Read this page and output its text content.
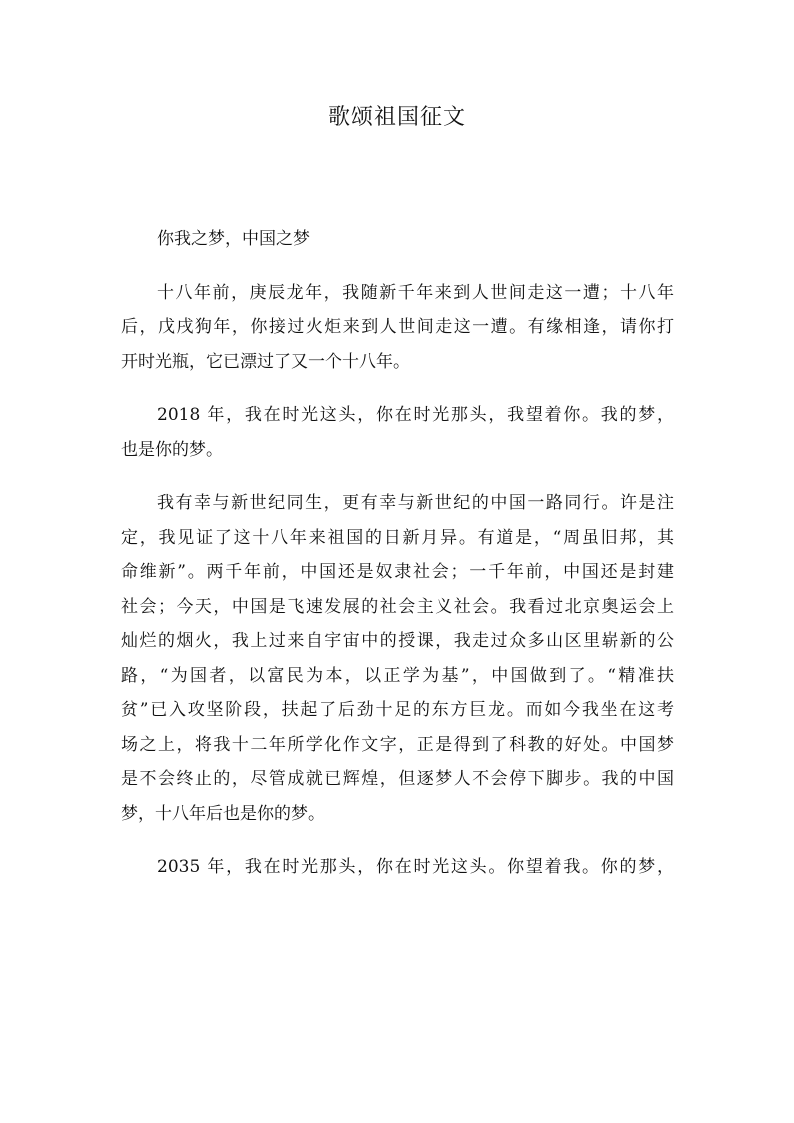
歌颂祖国征文
你我之梦，中国之梦
十八年前，庚辰龙年，我随新千年来到人世间走这一遭；十八年
后，戊戌狗年，你接过火炬来到人世间走这一遭。有缘相逢，请你打
开时光瓶，它已漂过了又一个十八年。
2018 年，我在时光这头，你在时光那头，我望着你。我的梦，
也是你的梦。
我有幸与新世纪同生，更有幸与新世纪的中国一路同行。许是注
定，我见证了这十八年来祖国的日新月异。有道是，“周虽旧邦，其
命维新”。两千年前，中国还是奴隶社会；一千年前，中国还是封建
社会；今天，中国是飞速发展的社会主义社会。我看过北京奥运会上
灿烂的烟火，我上过来自宇宙中的授课，我走过众多山区里崭新的公
路，“为国者，以富民为本，以正学为基”，中国做到了。“精准扶
贫”已入攻坚阶段，扶起了后劲十足的东方巨龙。而如今我坐在这考
场之上，将我十二年所学化作文字，正是得到了科教的好处。中国梦
是不会终止的，尽管成就已辉煌，但逐梦人不会停下脚步。我的中国
梦，十八年后也是你的梦。
2035 年，我在时光那头，你在时光这头。你望着我。你的梦，
